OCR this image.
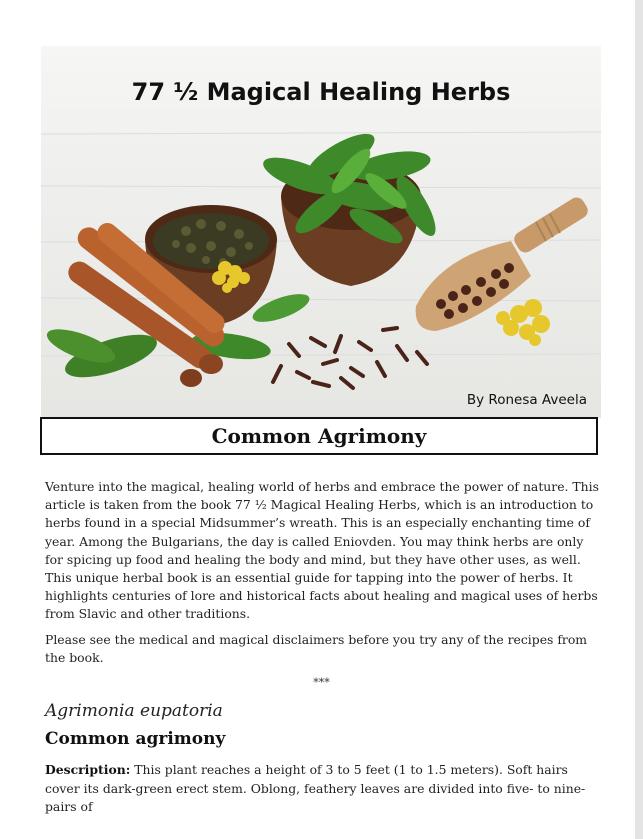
77 ½ Magical Healing Herbs
By Ronesa Aveela
Common Agrimony

Venture into the magical, healing world of herbs and embrace the power of nature. This article is taken from the book 77 ½ Magical Healing Herbs, which is an introduction to herbs found in a special Midsummer’s wreath. This is an especially enchanting time of year. Among the Bulgarians, the day is called Eniovden. You may think herbs are only for spicing up food and healing the body and mind, but they have other uses, as well. This unique herbal book is an essential guide for tapping into the power of herbs. It highlights centuries of lore and historical facts about healing and magical uses of herbs from Slavic and other traditions.

Please see the medical and magical disclaimers before you try any of the recipes from the book.

***
Agrimonia eupatoria
Common agrimony

Description: This plant reaches a height of 3 to 5 feet (1 to 1.5 meters). Soft hairs cover its dark-green erect stem. Oblong, feathery leaves are divided into five- to nine- pairs of
